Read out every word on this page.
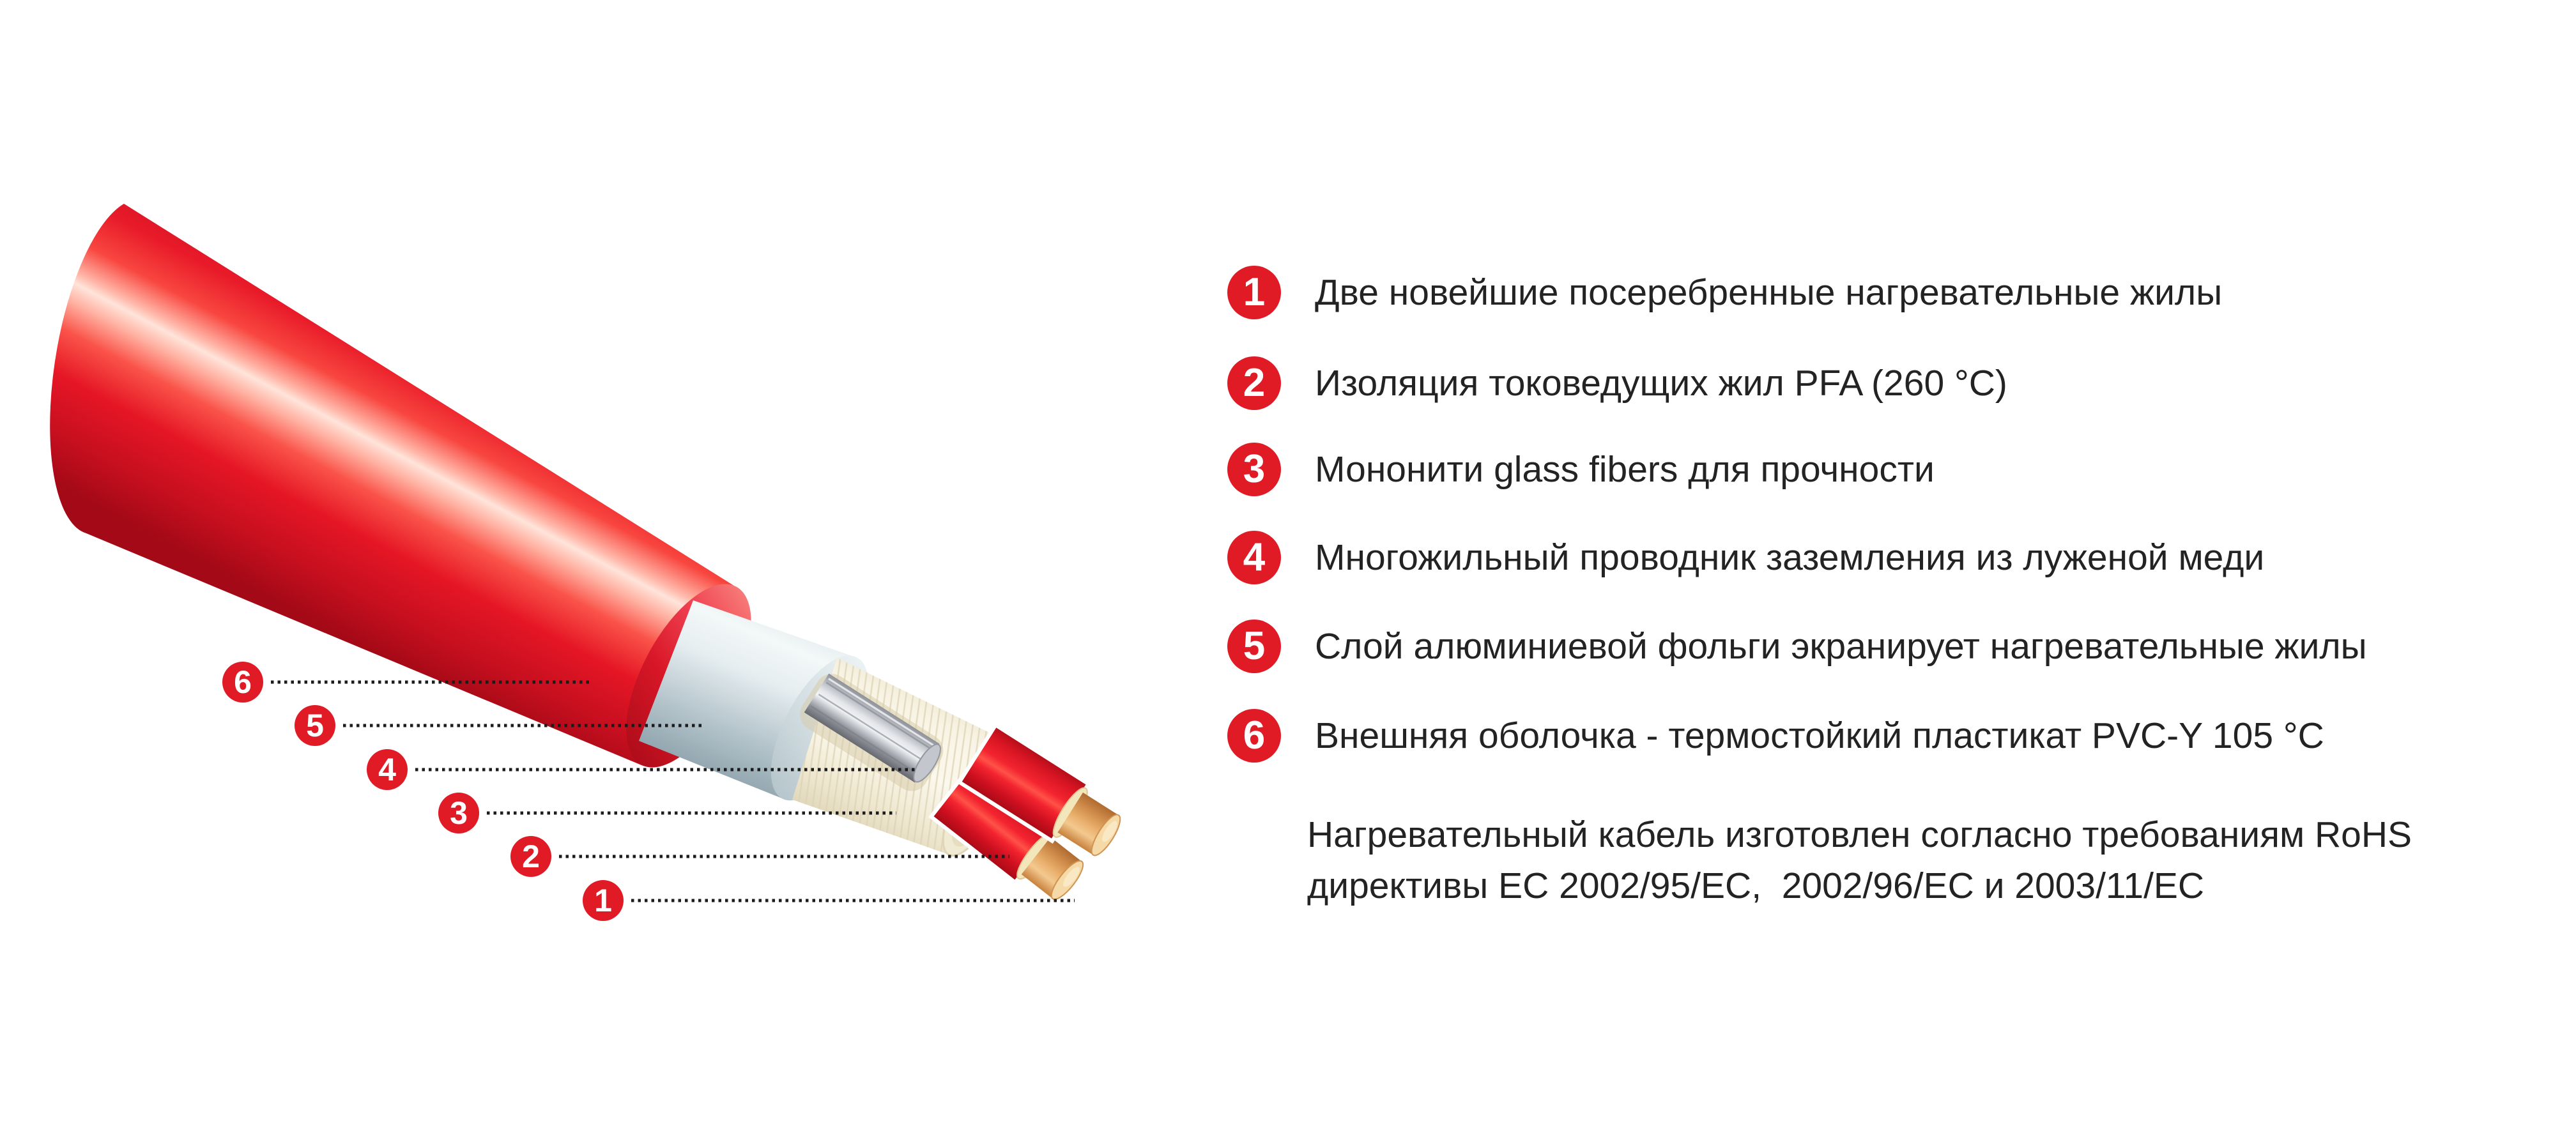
6
5
4
3
2
1
1 Две новейшие посеребренные нагревательные жилы
2 Изоляция токоведущих жил PFA (260 °C)
3 Мононити glass fibers для прочности
4 Многожильный проводник заземления из луженой меди
5 Слой алюминиевой фольги экранирует нагревательные жилы
6 Внешняя оболочка - термостойкий пластикат PVC-Y 105 °C
Нагревательный кабель изготовлен согласно требованиям RoHS
директивы ЕС 2002/95/EC,  2002/96/EC и 2003/11/EC
